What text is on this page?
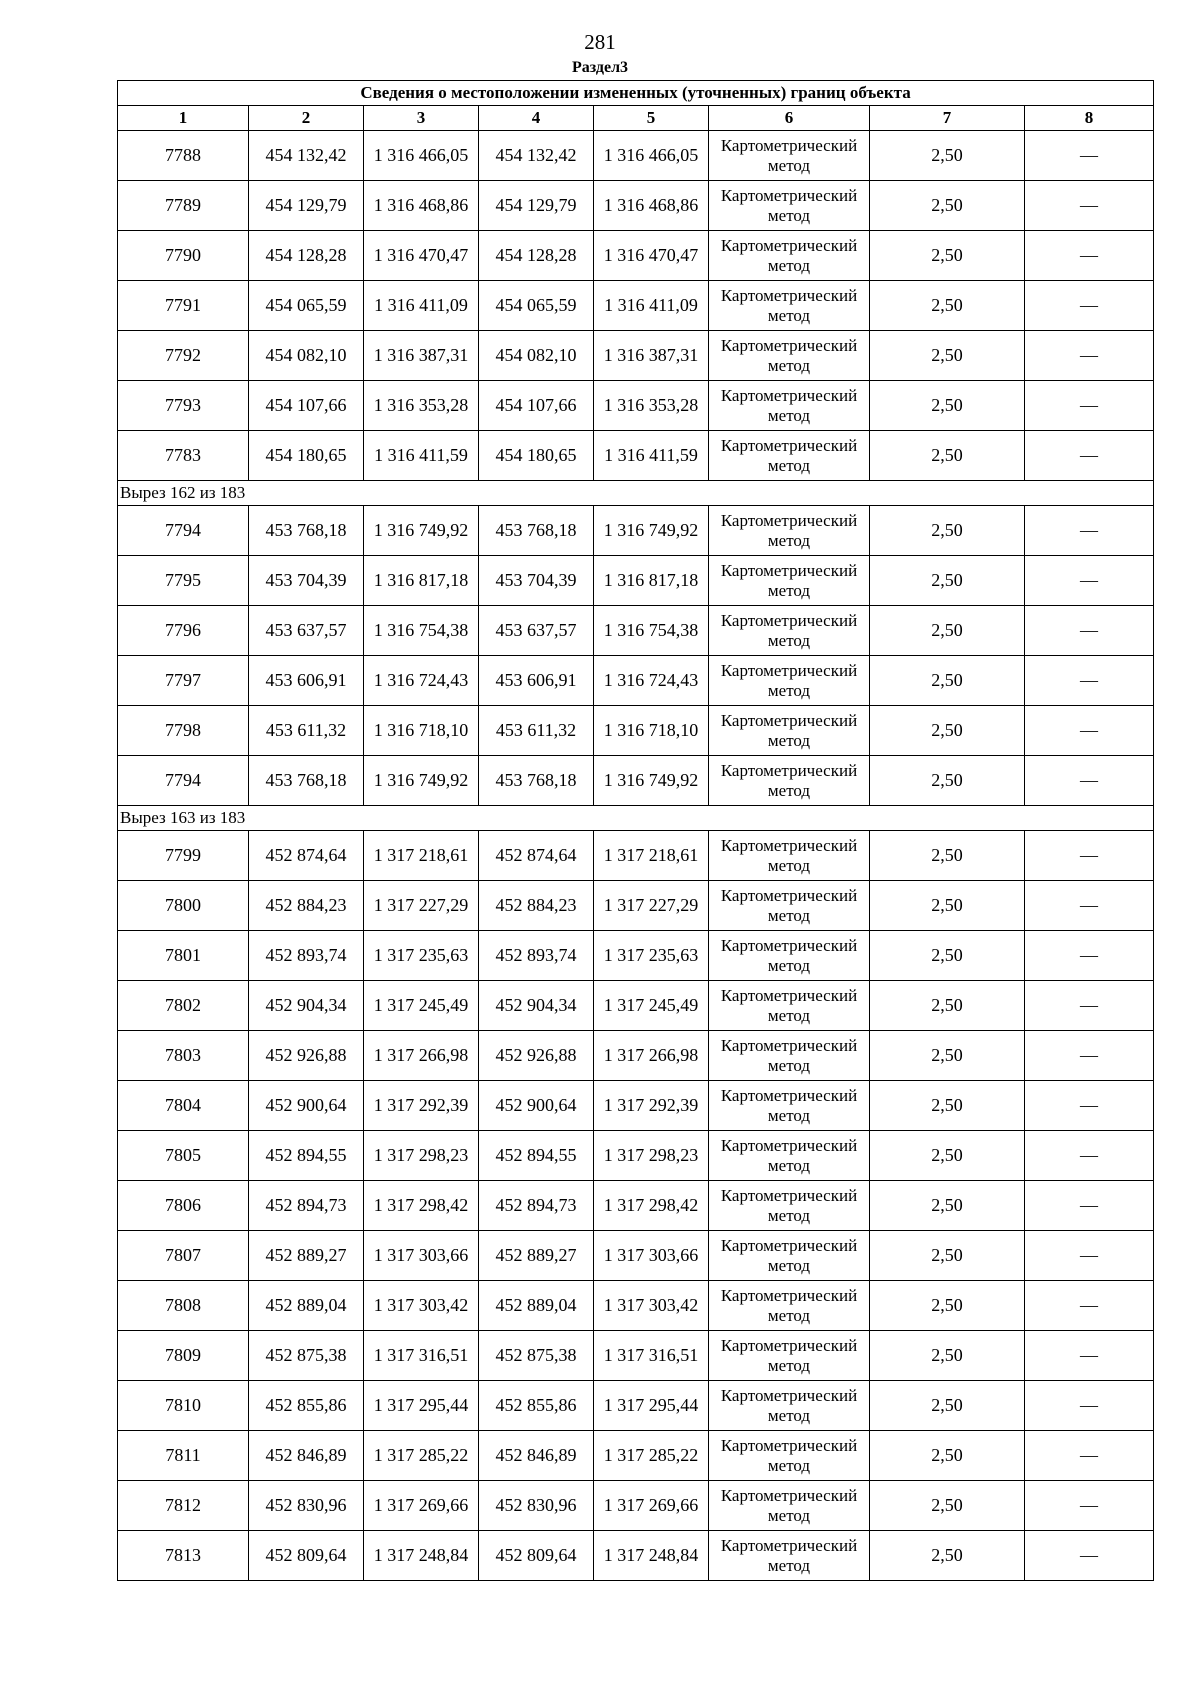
281
Раздел3
Сведения о местоположении измененных (уточненных) границ объекта							
1	2	3	4	5	6	7	8
7788	454 132,42	1 316 466,05	454 132,42	1 316 466,05	Картометрический метод	2,50	—
7789	454 129,79	1 316 468,86	454 129,79	1 316 468,86	Картометрический метод	2,50	—
7790	454 128,28	1 316 470,47	454 128,28	1 316 470,47	Картометрический метод	2,50	—
7791	454 065,59	1 316 411,09	454 065,59	1 316 411,09	Картометрический метод	2,50	—
7792	454 082,10	1 316 387,31	454 082,10	1 316 387,31	Картометрический метод	2,50	—
7793	454 107,66	1 316 353,28	454 107,66	1 316 353,28	Картометрический метод	2,50	—
7783	454 180,65	1 316 411,59	454 180,65	1 316 411,59	Картометрический метод	2,50	—
Вырез 162 из 183							
7794	453 768,18	1 316 749,92	453 768,18	1 316 749,92	Картометрический метод	2,50	—
7795	453 704,39	1 316 817,18	453 704,39	1 316 817,18	Картометрический метод	2,50	—
7796	453 637,57	1 316 754,38	453 637,57	1 316 754,38	Картометрический метод	2,50	—
7797	453 606,91	1 316 724,43	453 606,91	1 316 724,43	Картометрический метод	2,50	—
7798	453 611,32	1 316 718,10	453 611,32	1 316 718,10	Картометрический метод	2,50	—
7794	453 768,18	1 316 749,92	453 768,18	1 316 749,92	Картометрический метод	2,50	—
Вырез 163 из 183							
7799	452 874,64	1 317 218,61	452 874,64	1 317 218,61	Картометрический метод	2,50	—
7800	452 884,23	1 317 227,29	452 884,23	1 317 227,29	Картометрический метод	2,50	—
7801	452 893,74	1 317 235,63	452 893,74	1 317 235,63	Картометрический метод	2,50	—
7802	452 904,34	1 317 245,49	452 904,34	1 317 245,49	Картометрический метод	2,50	—
7803	452 926,88	1 317 266,98	452 926,88	1 317 266,98	Картометрический метод	2,50	—
7804	452 900,64	1 317 292,39	452 900,64	1 317 292,39	Картометрический метод	2,50	—
7805	452 894,55	1 317 298,23	452 894,55	1 317 298,23	Картометрический метод	2,50	—
7806	452 894,73	1 317 298,42	452 894,73	1 317 298,42	Картометрический метод	2,50	—
7807	452 889,27	1 317 303,66	452 889,27	1 317 303,66	Картометрический метод	2,50	—
7808	452 889,04	1 317 303,42	452 889,04	1 317 303,42	Картометрический метод	2,50	—
7809	452 875,38	1 317 316,51	452 875,38	1 317 316,51	Картометрический метод	2,50	—
7810	452 855,86	1 317 295,44	452 855,86	1 317 295,44	Картометрический метод	2,50	—
7811	452 846,89	1 317 285,22	452 846,89	1 317 285,22	Картометрический метод	2,50	—
7812	452 830,96	1 317 269,66	452 830,96	1 317 269,66	Картометрический метод	2,50	—
7813	452 809,64	1 317 248,84	452 809,64	1 317 248,84	Картометрический метод	2,50	—
